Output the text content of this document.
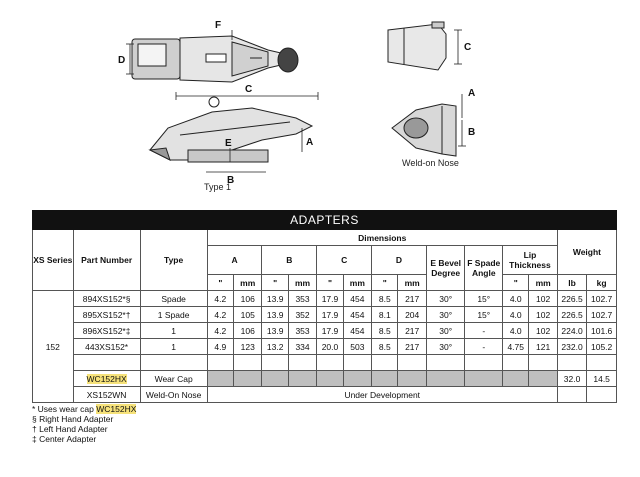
F
D
C
A
B
E
Type 1
C
A
B
Weld-on Nose
ADAPTERS																
XS Series	Part Number	Type	Dimensions												Weight	
			A		B		C		D		E Bevel Degree	F Spade Angle	Lip Thickness			
			"	mm	"	mm	"	mm	"	mm			"	mm	lb	kg
152	894XS152*§	Spade	4.2	106	13.9	353	17.9	454	8.5	217	30°	15°	4.0	102	226.5	102.7
	895XS152*†	1 Spade	4.2	105	13.9	352	17.9	454	8.1	204	30°	15°	4.0	102	226.5	102.7
	896XS152*‡	1	4.2	106	13.9	353	17.9	454	8.5	217	30°	-	4.0	102	224.0	101.6
	443XS152*	1	4.9	123	13.2	334	20.0	503	8.5	217	30°	-	4.75	121	232.0	105.2

	WC152HX	Wear Cap													32.0	14.5
	XS152WN	Weld-On Nose	Under Development													
* Uses wear cap WC152HX
§ Right Hand Adapter
† Left Hand Adapter
‡ Center Adapter
